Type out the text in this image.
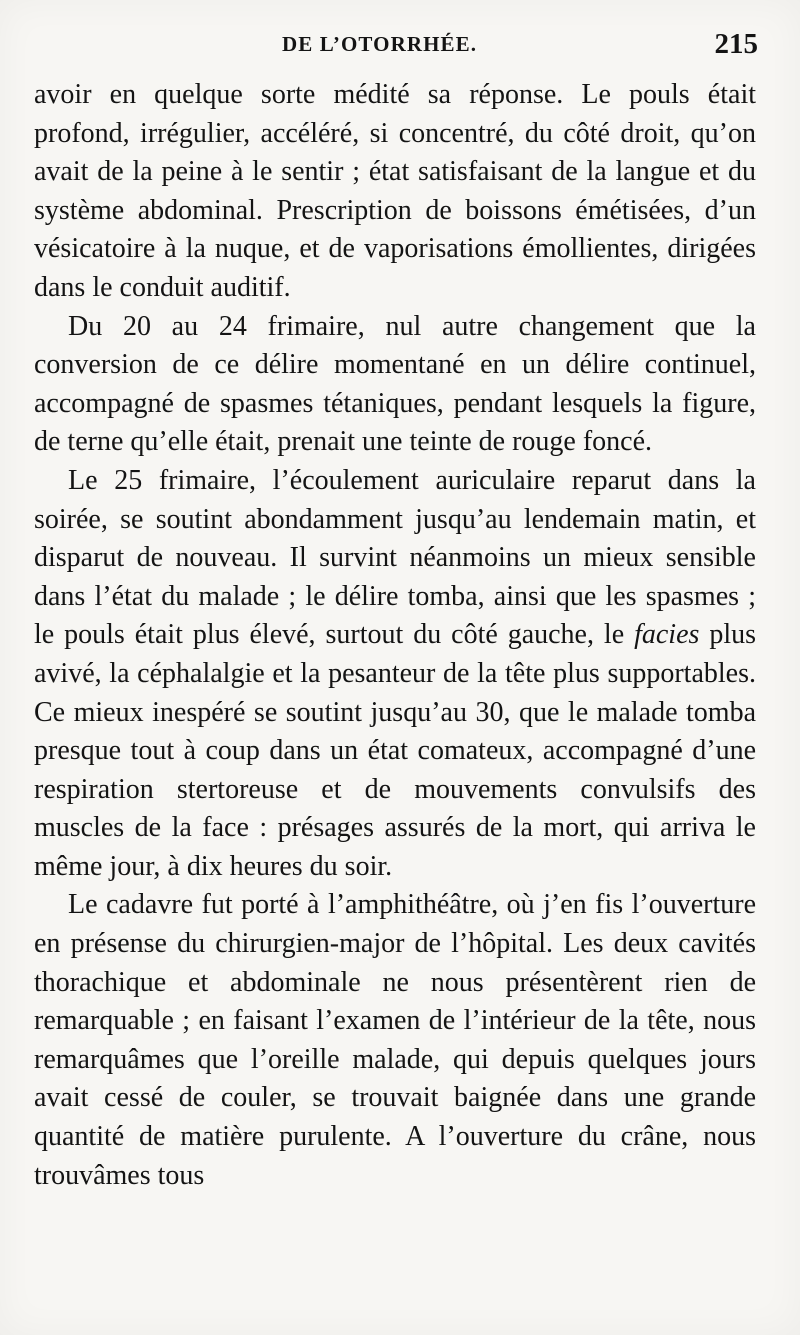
DE L’OTORRHÉE.	215

avoir en quelque sorte médité sa réponse. Le pouls était profond, irrégulier, accéléré, si concentré, du côté droit, qu’on avait de la peine à le sentir ; état satisfaisant de la langue et du système abdominal. Prescription de boissons émétisées, d’un vésicatoire à la nuque, et de vaporisations émollientes, dirigées dans le conduit auditif.

Du 20 au 24 frimaire, nul autre changement que la conversion de ce délire momentané en un délire continuel, accompagné de spasmes tétaniques, pendant lesquels la figure, de terne qu’elle était, prenait une teinte de rouge foncé.

Le 25 frimaire, l’écoulement auriculaire reparut dans la soirée, se soutint abondamment jusqu’au lendemain matin, et disparut de nouveau. Il survint néanmoins un mieux sensible dans l’état du malade ; le délire tomba, ainsi que les spasmes ; le pouls était plus élevé, surtout du côté gauche, le facies plus avivé, la céphalalgie et la pesanteur de la tête plus supportables. Ce mieux inespéré se soutint jusqu’au 30, que le malade tomba presque tout à coup dans un état comateux, accompagné d’une respiration stertoreuse et de mouvements convulsifs des muscles de la face : présages assurés de la mort, qui arriva le même jour, à dix heures du soir.

Le cadavre fut porté à l’amphithéâtre, où j’en fis l’ouverture en présense du chirurgien-major de l’hôpital. Les deux cavités thorachique et abdominale ne nous présentèrent rien de remarquable ; en faisant l’examen de l’intérieur de la tête, nous remarquâmes que l’oreille malade, qui depuis quelques jours avait cessé de couler, se trouvait baignée dans une grande quantité de matière purulente. A l’ouverture du crâne, nous trouvâmes tous
